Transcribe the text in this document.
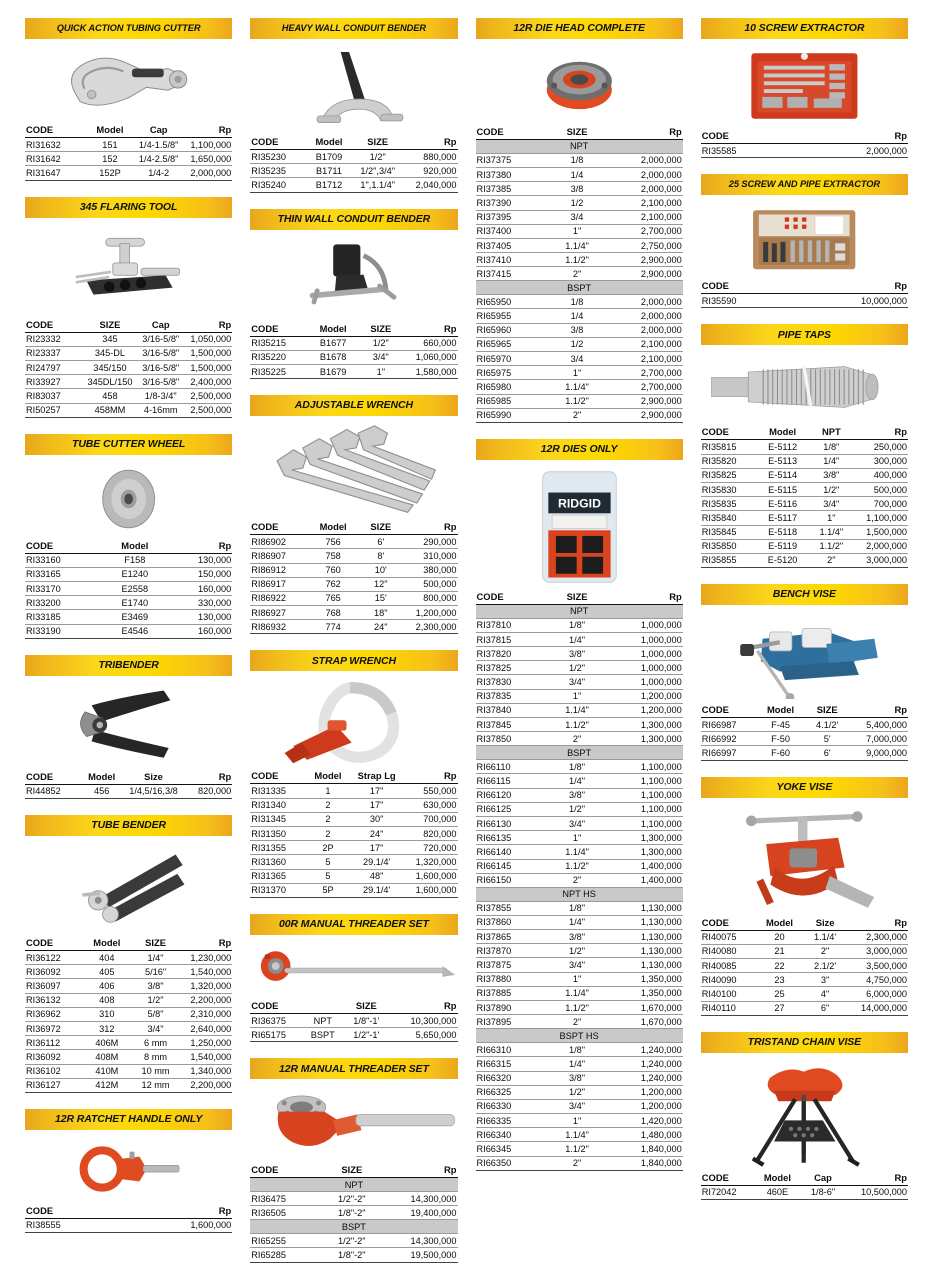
QUICK ACTION TUBING CUTTER
CODE	Model	Cap	Rp
RI31632	151	1/4-1.5/8"	1,100,000
RI31642	152	1/4-2.5/8"	1,650,000
RI31647	152P	1/4-2	2,000,000
345 FLARING TOOL
CODE	SIZE	Cap	Rp
RI23332	345	3/16-5/8"	1,050,000
RI23337	345-DL	3/16-5/8"	1,500,000
RI24797	345/150	3/16-5/8"	1,500,000
RI33927	345DL/150	3/16-5/8"	2,400,000
RI83037	458	1/8-3/4"	2,500,000
RI50257	458MM	4-16mm	2,500,000
TUBE CUTTER WHEEL
CODE	Model	Rp
RI33160	F158	130,000
RI33165	E1240	150,000
RI33170	E2558	160,000
RI33200	E1740	330,000
RI33185	E3469	130,000
RI33190	E4546	160,000
TRIBENDER
CODE	Model	Size	Rp
RI44852	456	1/4,5/16,3/8	820,000
TUBE BENDER
CODE	Model	SIZE	Rp
RI36122	404	1/4"	1,230,000
RI36092	405	5/16"	1,540,000
RI36097	406	3/8"	1,320,000
RI36132	408	1/2"	2,200,000
RI36962	310	5/8"	2,310,000
RI36972	312	3/4"	2,640,000
RI36112	406M	6 mm	1,250,000
RI36092	408M	8 mm	1,540,000
RI36102	410M	10 mm	1,340,000
RI36127	412M	12 mm	2,200,000
12R RATCHET HANDLE ONLY
CODE	Rp
RI38555	1,600,000
HEAVY WALL CONDUIT BENDER
CODE	Model	SIZE	Rp
RI35230	B1709	1/2"	880,000
RI35235	B1711	1/2",3/4"	920,000
RI35240	B1712	1",1.1/4"	2,040,000
THIN WALL CONDUIT BENDER
CODE	Model	SIZE	Rp
RI35215	B1677	1/2"	660,000
RI35220	B1678	3/4"	1,060,000
RI35225	B1679	1"	1,580,000
ADJUSTABLE WRENCH
CODE	Model	SIZE	Rp
RI86902	756	6'	290,000
RI86907	758	8'	310,000
RI86912	760	10'	380,000
RI86917	762	12"	500,000
RI86922	765	15'	800,000
RI86927	768	18"	1,200,000
RI86932	774	24"	2,300,000
STRAP WRENCH
CODE	Model	Strap Lg	Rp
RI31335	1	17"	550,000
RI31340	2	17"	630,000
RI31345	2	30"	700,000
RI31350	2	24"	820,000
RI31355	2P	17"	720,000
RI31360	5	29.1/4'	1,320,000
RI31365	5	48"	1,600,000
RI31370	5P	29.1/4'	1,600,000
00R MANUAL THREADER SET
CODE		SIZE	Rp
RI36375	NPT	1/8"-1'	10,300,000
RI65175	BSPT	1/2"-1'	5,650,000
12R MANUAL THREADER SET
CODE	SIZE	Rp
NPT		
RI36475	1/2"-2"	14,300,000
RI36505	1/8"-2"	19,400,000
BSPT		
RI65255	1/2"-2"	14,300,000
RI65285	1/8"-2"	19,500,000
12R DIE HEAD COMPLETE
CODE	SIZE	Rp
NPT		
RI37375	1/8	2,000,000
RI37380	1/4	2,000,000
RI37385	3/8	2,000,000
RI37390	1/2	2,100,000
RI37395	3/4	2,100,000
RI37400	1"	2,700,000
RI37405	1.1/4"	2,750,000
RI37410	1.1/2"	2,900,000
RI37415	2"	2,900,000
BSPT		
RI65950	1/8	2,000,000
RI65955	1/4	2,000,000
RI65960	3/8	2,000,000
RI65965	1/2	2,100,000
RI65970	3/4	2,100,000
RI65975	1"	2,700,000
RI65980	1.1/4"	2,700,000
RI65985	1.1/2"	2,900,000
RI65990	2"	2,900,000
12R DIES ONLY
RIDGID
CODE	SIZE	Rp
NPT		
RI37810	1/8"	1,000,000
RI37815	1/4"	1,000,000
RI37820	3/8"	1,000,000
RI37825	1/2"	1,000,000
RI37830	3/4"	1,000,000
RI37835	1"	1,200,000
RI37840	1.1/4"	1,200,000
RI37845	1.1/2"	1,300,000
RI37850	2"	1,300,000
BSPT		
RI66110	1/8"	1,100,000
RI66115	1/4"	1,100,000
RI66120	3/8"	1,100,000
RI66125	1/2"	1,100,000
RI66130	3/4"	1,100,000
RI66135	1"	1,300,000
RI66140	1.1/4"	1,300,000
RI66145	1.1/2"	1,400,000
RI66150	2"	1,400,000
NPT HS		
RI37855	1/8"	1,130,000
RI37860	1/4"	1,130,000
RI37865	3/8"	1,130,000
RI37870	1/2"	1,130,000
RI37875	3/4"	1,130,000
RI37880	1"	1,350,000
RI37885	1.1/4"	1,350,000
RI37890	1.1/2"	1,670,000
RI37895	2"	1,670,000
BSPT HS		
RI66310	1/8"	1,240,000
RI66315	1/4"	1,240,000
RI66320	3/8"	1,240,000
RI66325	1/2"	1,200,000
RI66330	3/4"	1,200,000
RI66335	1"	1,420,000
RI66340	1.1/4"	1,480,000
RI66345	1.1/2"	1,840,000
RI66350	2"	1,840,000
10 SCREW EXTRACTOR
CODE	Rp
RI35585	2,000,000
25 SCREW AND PIPE EXTRACTOR
CODE	Rp
RI35590	10,000,000
PIPE TAPS
CODE	Model	NPT	Rp
RI35815	E-5112	1/8"	250,000
RI35820	E-5113	1/4"	300,000
RI35825	E-5114	3/8"	400,000
RI35830	E-5115	1/2"	500,000
RI35835	E-5116	3/4"	700,000
RI35840	E-5117	1"	1,100,000
RI35845	E-5118	1.1/4"	1,500,000
RI35850	E-5119	1.1/2"	2,000,000
RI35855	E-5120	2"	3,000,000
BENCH VISE
CODE	Model	SIZE	Rp
RI66987	F-45	4.1/2'	5,400,000
RI66992	F-50	5'	7,000,000
RI66997	F-60	6'	9,000,000
YOKE VISE
CODE	Model	Size	Rp
RI40075	20	1.1/4'	2,300,000
RI40080	21	2"	3,000,000
RI40085	22	2.1/2'	3,500,000
RI40090	23	3"	4,750,000
RI40100	25	4"	6,000,000
RI40110	27	6"	14,000,000
TRISTAND CHAIN VISE
CODE	Model	Cap	Rp
RI72042	460E	1/8-6"	10,500,000
